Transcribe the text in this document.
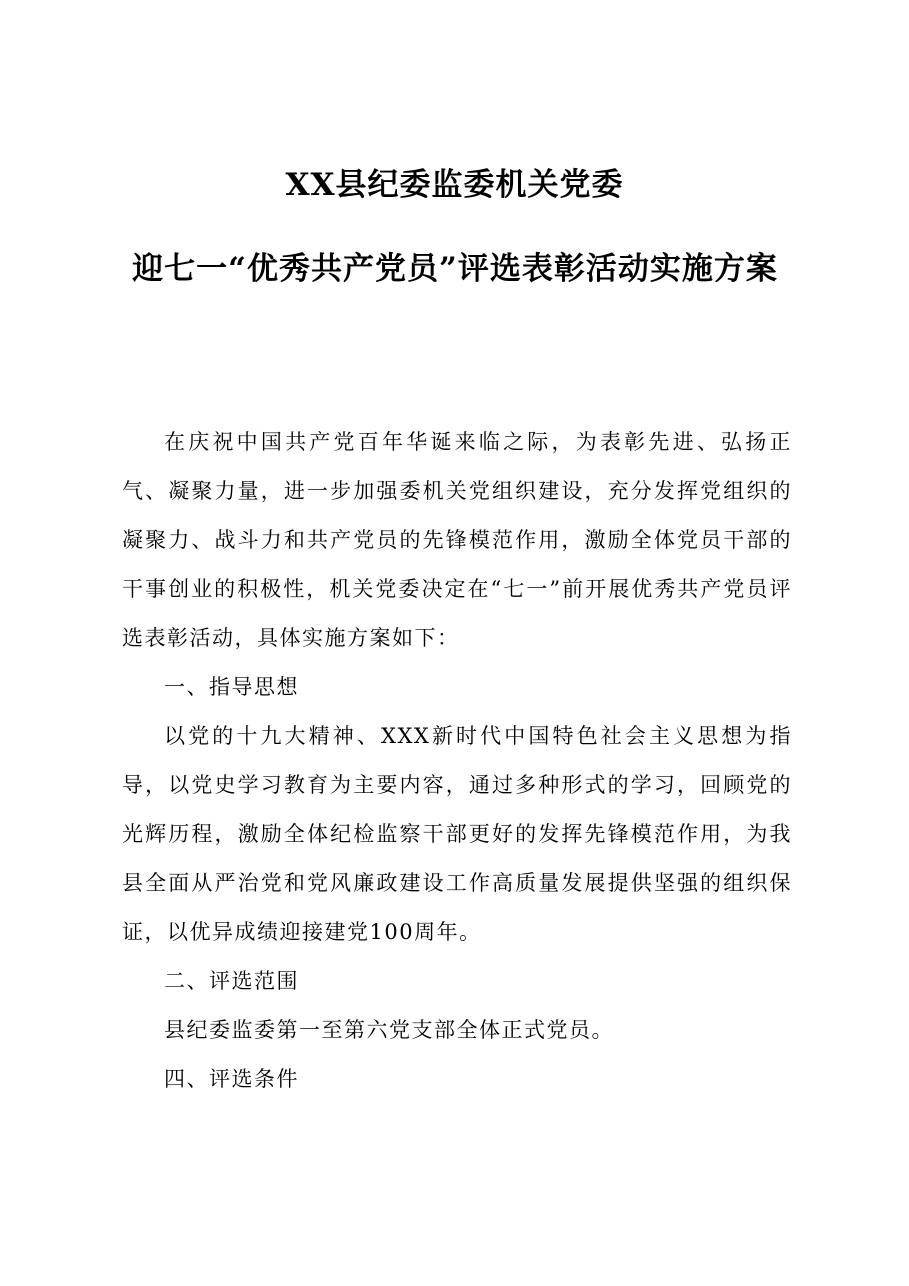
XX县纪委监委机关党委
迎七一“优秀共产党员”评选表彰活动实施方案

在庆祝中国共产党百年华诞来临之际，为表彰先进、弘扬正气、凝聚力量，进一步加强委机关党组织建设，充分发挥党组织的凝聚力、战斗力和共产党员的先锋模范作用，激励全体党员干部的干事创业的积极性，机关党委决定在“七一”前开展优秀共产党员评选表彰活动，具体实施方案如下：

一、指导思想

以党的十九大精神、XXX新时代中国特色社会主义思想为指导，以党史学习教育为主要内容，通过多种形式的学习，回顾党的光辉历程，激励全体纪检监察干部更好的发挥先锋模范作用，为我县全面从严治党和党风廉政建设工作高质量发展提供坚强的组织保证，以优异成绩迎接建党100周年。

二、评选范围

县纪委监委第一至第六党支部全体正式党员。

四、评选条件
